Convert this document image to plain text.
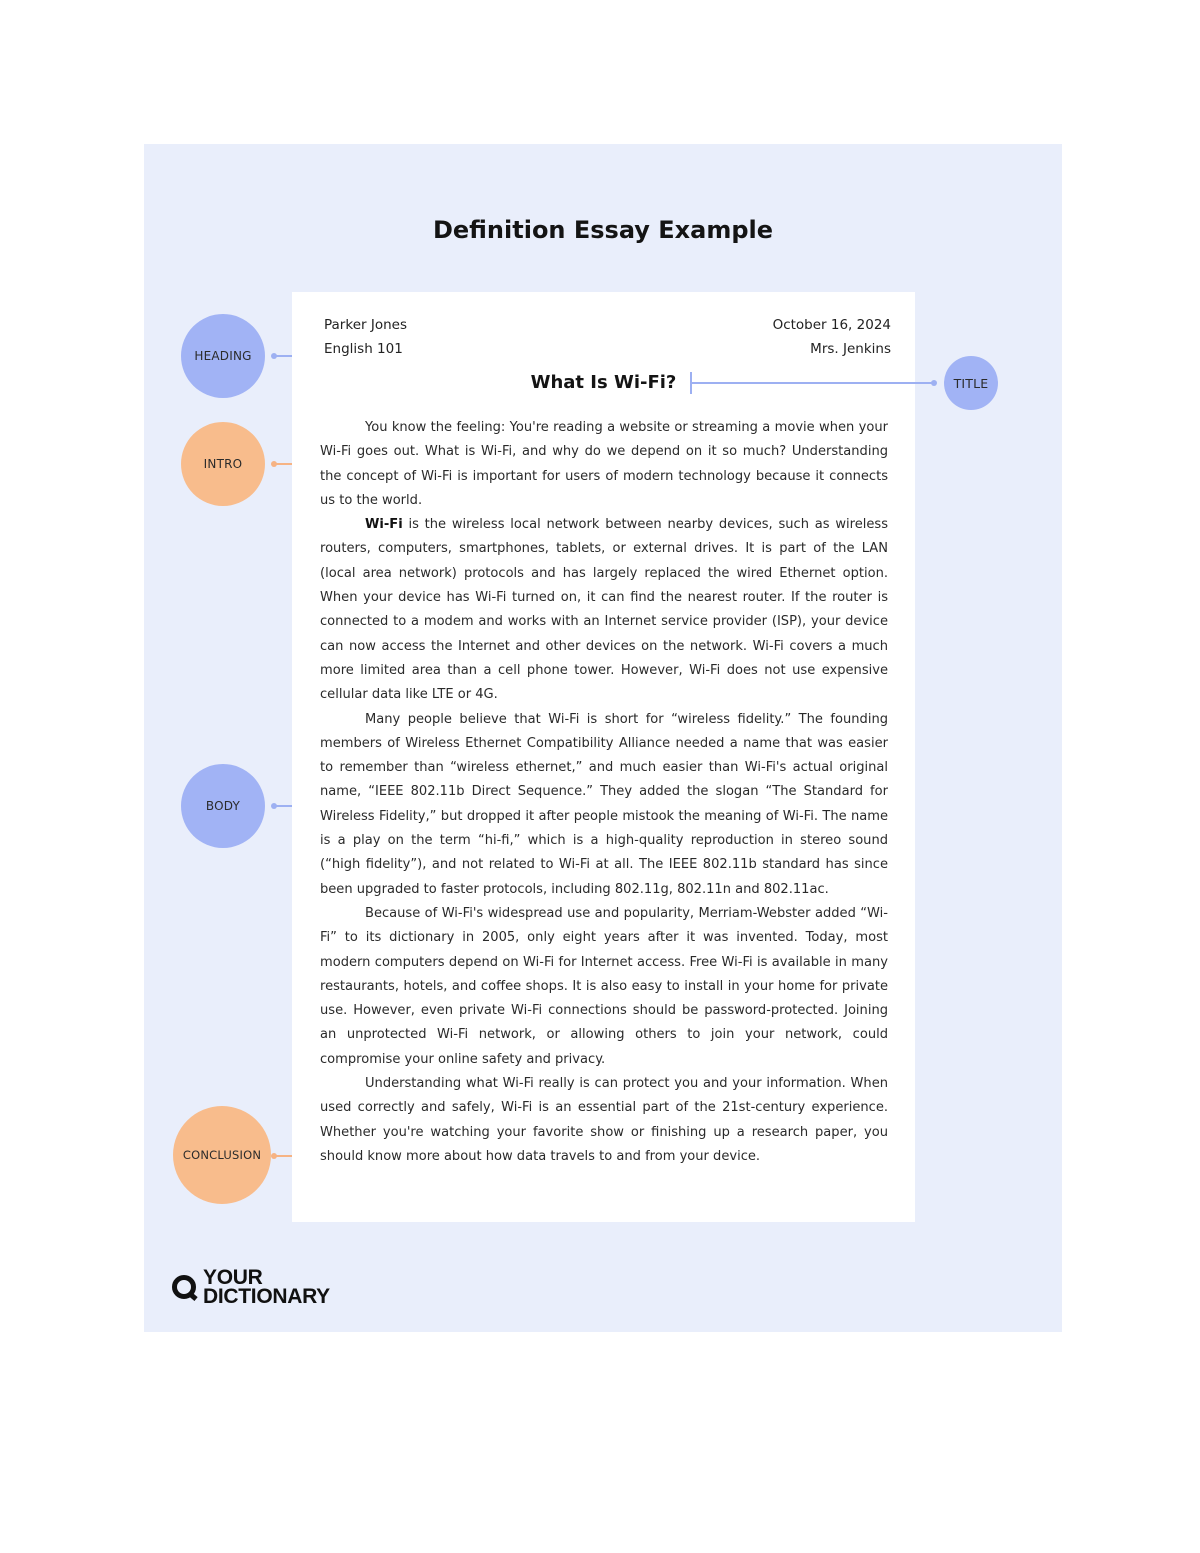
Definition Essay Example
HEADING
INTRO
BODY
CONCLUSION
Parker Jones
English 101
October 16, 2024
Mrs. Jenkins
What Is Wi-Fi?

You know the feeling: You're reading a website or streaming a movie when your Wi-Fi goes out. What is Wi-Fi, and why do we depend on it so much? Understanding the concept of Wi-Fi is important for users of modern technology because it connects us to the world.

Wi-Fi is the wireless local network between nearby devices, such as wireless routers, computers, smartphones, tablets, or external drives. It is part of the LAN (local area network) protocols and has largely replaced the wired Ethernet option. When your device has Wi-Fi turned on, it can find the nearest router. If the router is connected to a modem and works with an Internet service provider (ISP), your device can now access the Internet and other devices on the network. Wi-Fi covers a much more limited area than a cell phone tower. However, Wi-Fi does not use expensive cellular data like LTE or 4G.

Many people believe that Wi-Fi is short for “wireless fidelity.” The founding members of Wireless Ethernet Compatibility Alliance needed a name that was easier to remember than “wireless ethernet,” and much easier than Wi-Fi's actual original name, “IEEE 802.11b Direct Sequence.” They added the slogan “The Standard for Wireless Fidelity,” but dropped it after people mistook the meaning of Wi-Fi. The name is a play on the term “hi-fi,” which is a high-quality reproduction in stereo sound (“high fidelity”), and not related to Wi-Fi at all. The IEEE 802.11b standard has since been upgraded to faster protocols, including 802.11g, 802.11n and 802.11ac.

Because of Wi-Fi's widespread use and popularity, Merriam-Webster added “Wi-Fi” to its dictionary in 2005, only eight years after it was invented. Today, most modern computers depend on Wi-Fi for Internet access. Free Wi-Fi is available in many restaurants, hotels, and coffee shops. It is also easy to install in your home for private use. However, even private Wi-Fi connections should be password-protected. Joining an unprotected Wi-Fi network, or allowing others to join your network, could compromise your online safety and privacy.

Understanding what Wi-Fi really is can protect you and your information. When used correctly and safely, Wi-Fi is an essential part of the 21st-century experience. Whether you're watching your favorite show or finishing up a research paper, you should know more about how data travels to and from your device.

TITLE
YOUR
DICTIONARY
